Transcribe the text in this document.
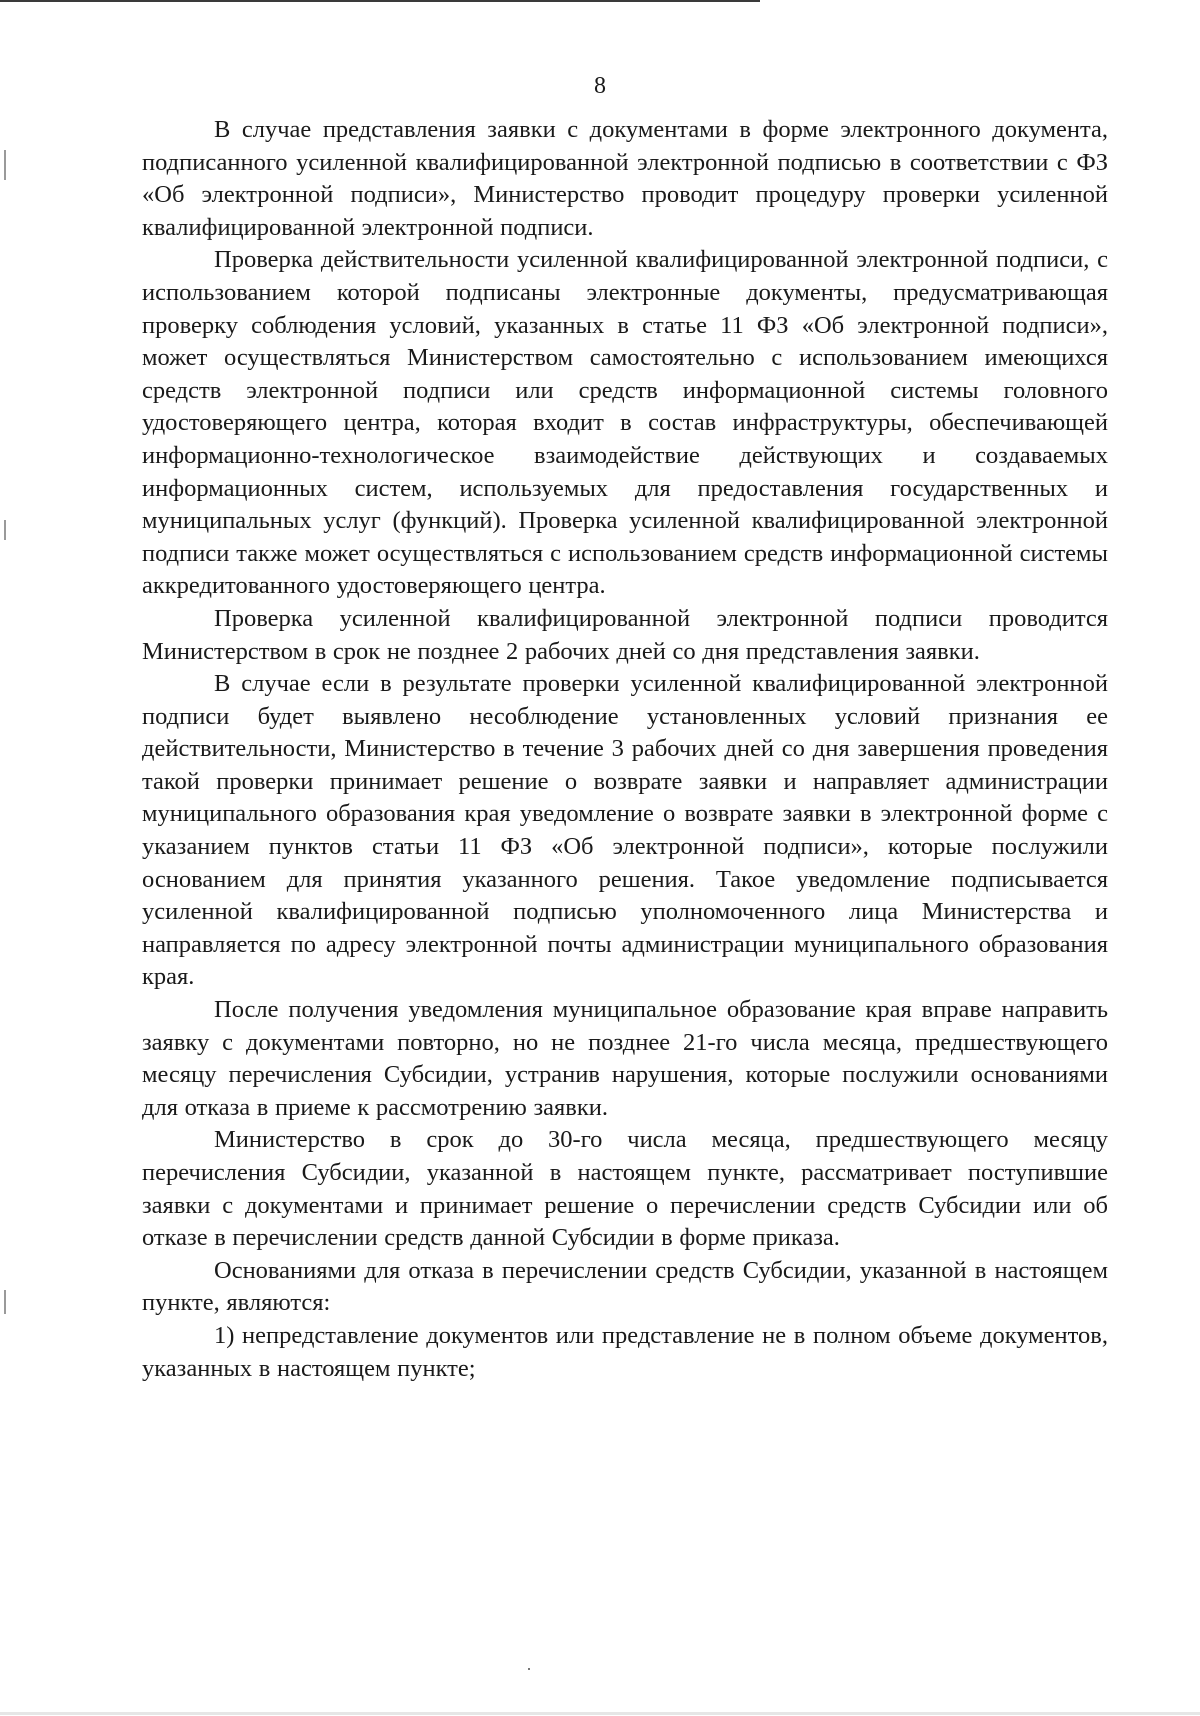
8

В случае представления заявки с документами в форме электронного документа, подписанного усиленной квалифицированной электронной подписью в соответствии с ФЗ «Об электронной подписи», Министерство проводит процедуру проверки усиленной квалифицированной электронной подписи.

Проверка действительности усиленной квалифицированной электронной подписи, с использованием которой подписаны электронные документы, предусматривающая проверку соблюдения условий, указанных в статье 11 ФЗ «Об электронной подписи», может осуществляться Министерством самостоятельно с использованием имеющихся средств электронной подписи или средств информационной системы головного удостоверяющего центра, которая входит в состав инфраструктуры, обеспечивающей информационно-технологическое взаимодействие действующих и создаваемых информационных систем, используемых для предоставления государственных и муниципальных услуг (функций). Проверка усиленной квалифицированной электронной подписи также может осуществляться с использованием средств информационной системы аккредитованного удостоверяющего центра.

Проверка усиленной квалифицированной электронной подписи проводится Министерством в срок не позднее 2 рабочих дней со дня представления заявки.

В случае если в результате проверки усиленной квалифицированной электронной подписи будет выявлено несоблюдение установленных условий признания ее действительности, Министерство в течение 3 рабочих дней со дня завершения проведения такой проверки принимает решение о возврате заявки и направляет администрации муниципального образования края уведомление о возврате заявки в электронной форме с указанием пунктов статьи 11 ФЗ «Об электронной подписи», которые послужили основанием для принятия указанного решения. Такое уведомление подписывается усиленной квалифицированной подписью уполномоченного лица Министерства и направляется по адресу электронной почты администрации муниципального образования края.

После получения уведомления муниципальное образование края вправе направить заявку с документами повторно, но не позднее 21-го числа месяца, предшествующего месяцу перечисления Субсидии, устранив нарушения, которые послужили основаниями для отказа в приеме к рассмотрению заявки.

Министерство в срок до 30-го числа месяца, предшествующего месяцу перечисления Субсидии, указанной в настоящем пункте, рассматривает поступившие заявки с документами и принимает решение о перечислении средств Субсидии или об отказе в перечислении средств данной Субсидии в форме приказа.

Основаниями для отказа в перечислении средств Субсидии, указанной в настоящем пункте, являются:

1) непредставление документов или представление не в полном объеме документов, указанных в настоящем пункте;
